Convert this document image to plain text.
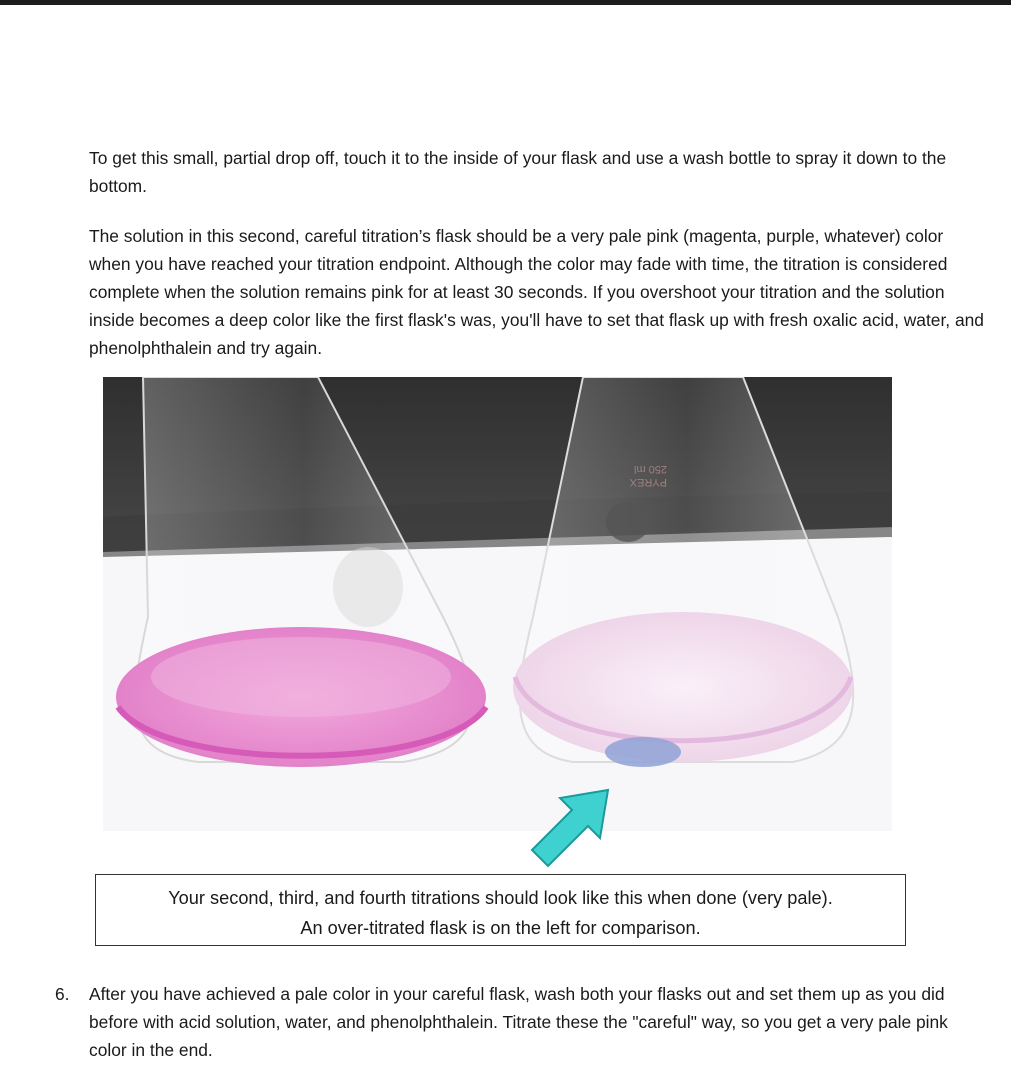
To get this small, partial drop off, touch it to the inside of your flask and use a wash bottle to spray it down to the bottom.

The solution in this second, careful titration’s flask should be a very pale pink (magenta, purple, whatever) color when you have reached your titration endpoint. Although the color may fade with time, the titration is considered complete when the solution remains pink for at least 30 seconds. If you overshoot your titration and the solution inside becomes a deep color like the first flask's was, you'll have to set that flask up with fresh oxalic acid, water, and phenolphthalein and try again.

250 ml
PYREX
Your second, third, and fourth titrations should look like this when done (very pale).
An over-titrated flask is on the left for comparison.
6. After you have achieved a pale color in your careful flask, wash both your flasks out and set them up as you did before with acid solution, water, and phenolphthalein. Titrate these the "careful" way, so you get a very pale pink color in the end.
